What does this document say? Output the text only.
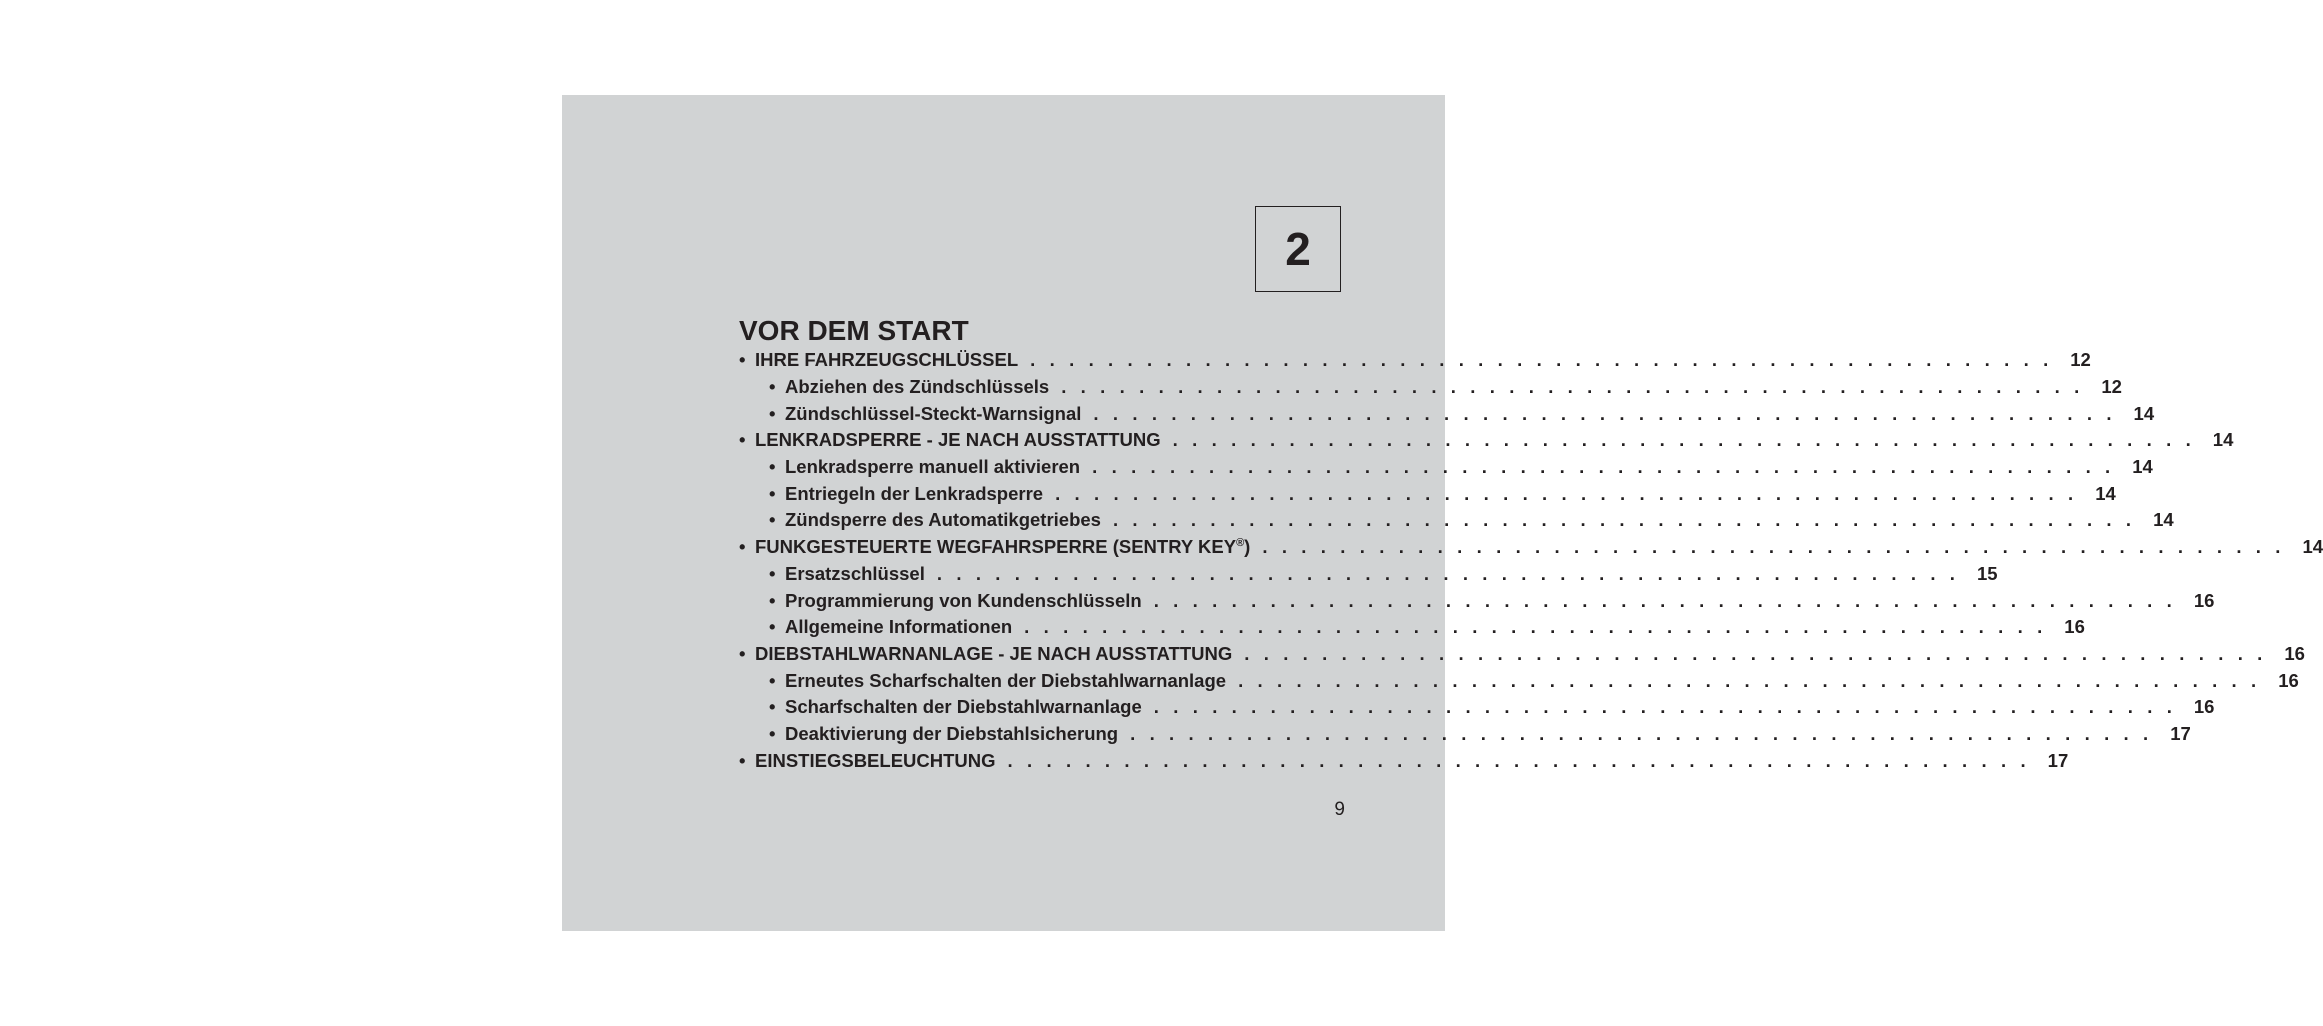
2
VOR DEM START
• IHRE FAHRZEUGSCHLÜSSEL . . . . . . . . . . . . . . . . . . . . . . . . . . . . . . . . . . . . . . . . . . . . . . . . . . . . . 12
• Abziehen des Zündschlüssels . . . . . . . . . . . . . . . . . . . . . . . . . . . . . . . . . . . . . . . . . . . . . . . . . . . . . 12
• Zündschlüssel-Steckt-Warnsignal . . . . . . . . . . . . . . . . . . . . . . . . . . . . . . . . . . . . . . . . . . . . . . . . . . . . . 14
• LENKRADSPERRE - JE NACH AUSSTATTUNG . . . . . . . . . . . . . . . . . . . . . . . . . . . . . . . . . . . . . . . . . . . . . . . . . . . . . 14
• Lenkradsperre manuell aktivieren . . . . . . . . . . . . . . . . . . . . . . . . . . . . . . . . . . . . . . . . . . . . . . . . . . . . . 14
• Entriegeln der Lenkradsperre . . . . . . . . . . . . . . . . . . . . . . . . . . . . . . . . . . . . . . . . . . . . . . . . . . . . . 14
• Zündsperre des Automatikgetriebes . . . . . . . . . . . . . . . . . . . . . . . . . . . . . . . . . . . . . . . . . . . . . . . . . . . . . 14
• FUNKGESTEUERTE WEGFAHRSPERRE (SENTRY KEY®) . . . . . . . . . . . . . . . . . . . . . . . . . . . . . . . . . . . . . . . . . . . . . . . . . . . . . 14
• Ersatzschlüssel . . . . . . . . . . . . . . . . . . . . . . . . . . . . . . . . . . . . . . . . . . . . . . . . . . . . . 15
• Programmierung von Kundenschlüsseln . . . . . . . . . . . . . . . . . . . . . . . . . . . . . . . . . . . . . . . . . . . . . . . . . . . . . 16
• Allgemeine Informationen . . . . . . . . . . . . . . . . . . . . . . . . . . . . . . . . . . . . . . . . . . . . . . . . . . . . . 16
• DIEBSTAHLWARNANLAGE - JE NACH AUSSTATTUNG . . . . . . . . . . . . . . . . . . . . . . . . . . . . . . . . . . . . . . . . . . . . . . . . . . . . . 16
• Erneutes Scharfschalten der Diebstahlwarnanlage . . . . . . . . . . . . . . . . . . . . . . . . . . . . . . . . . . . . . . . . . . . . . . . . . . . . . 16
• Scharfschalten der Diebstahlwarnanlage . . . . . . . . . . . . . . . . . . . . . . . . . . . . . . . . . . . . . . . . . . . . . . . . . . . . . 16
• Deaktivierung der Diebstahlsicherung . . . . . . . . . . . . . . . . . . . . . . . . . . . . . . . . . . . . . . . . . . . . . . . . . . . . . 17
• EINSTIEGSBELEUCHTUNG . . . . . . . . . . . . . . . . . . . . . . . . . . . . . . . . . . . . . . . . . . . . . . . . . . . . . 17
9
